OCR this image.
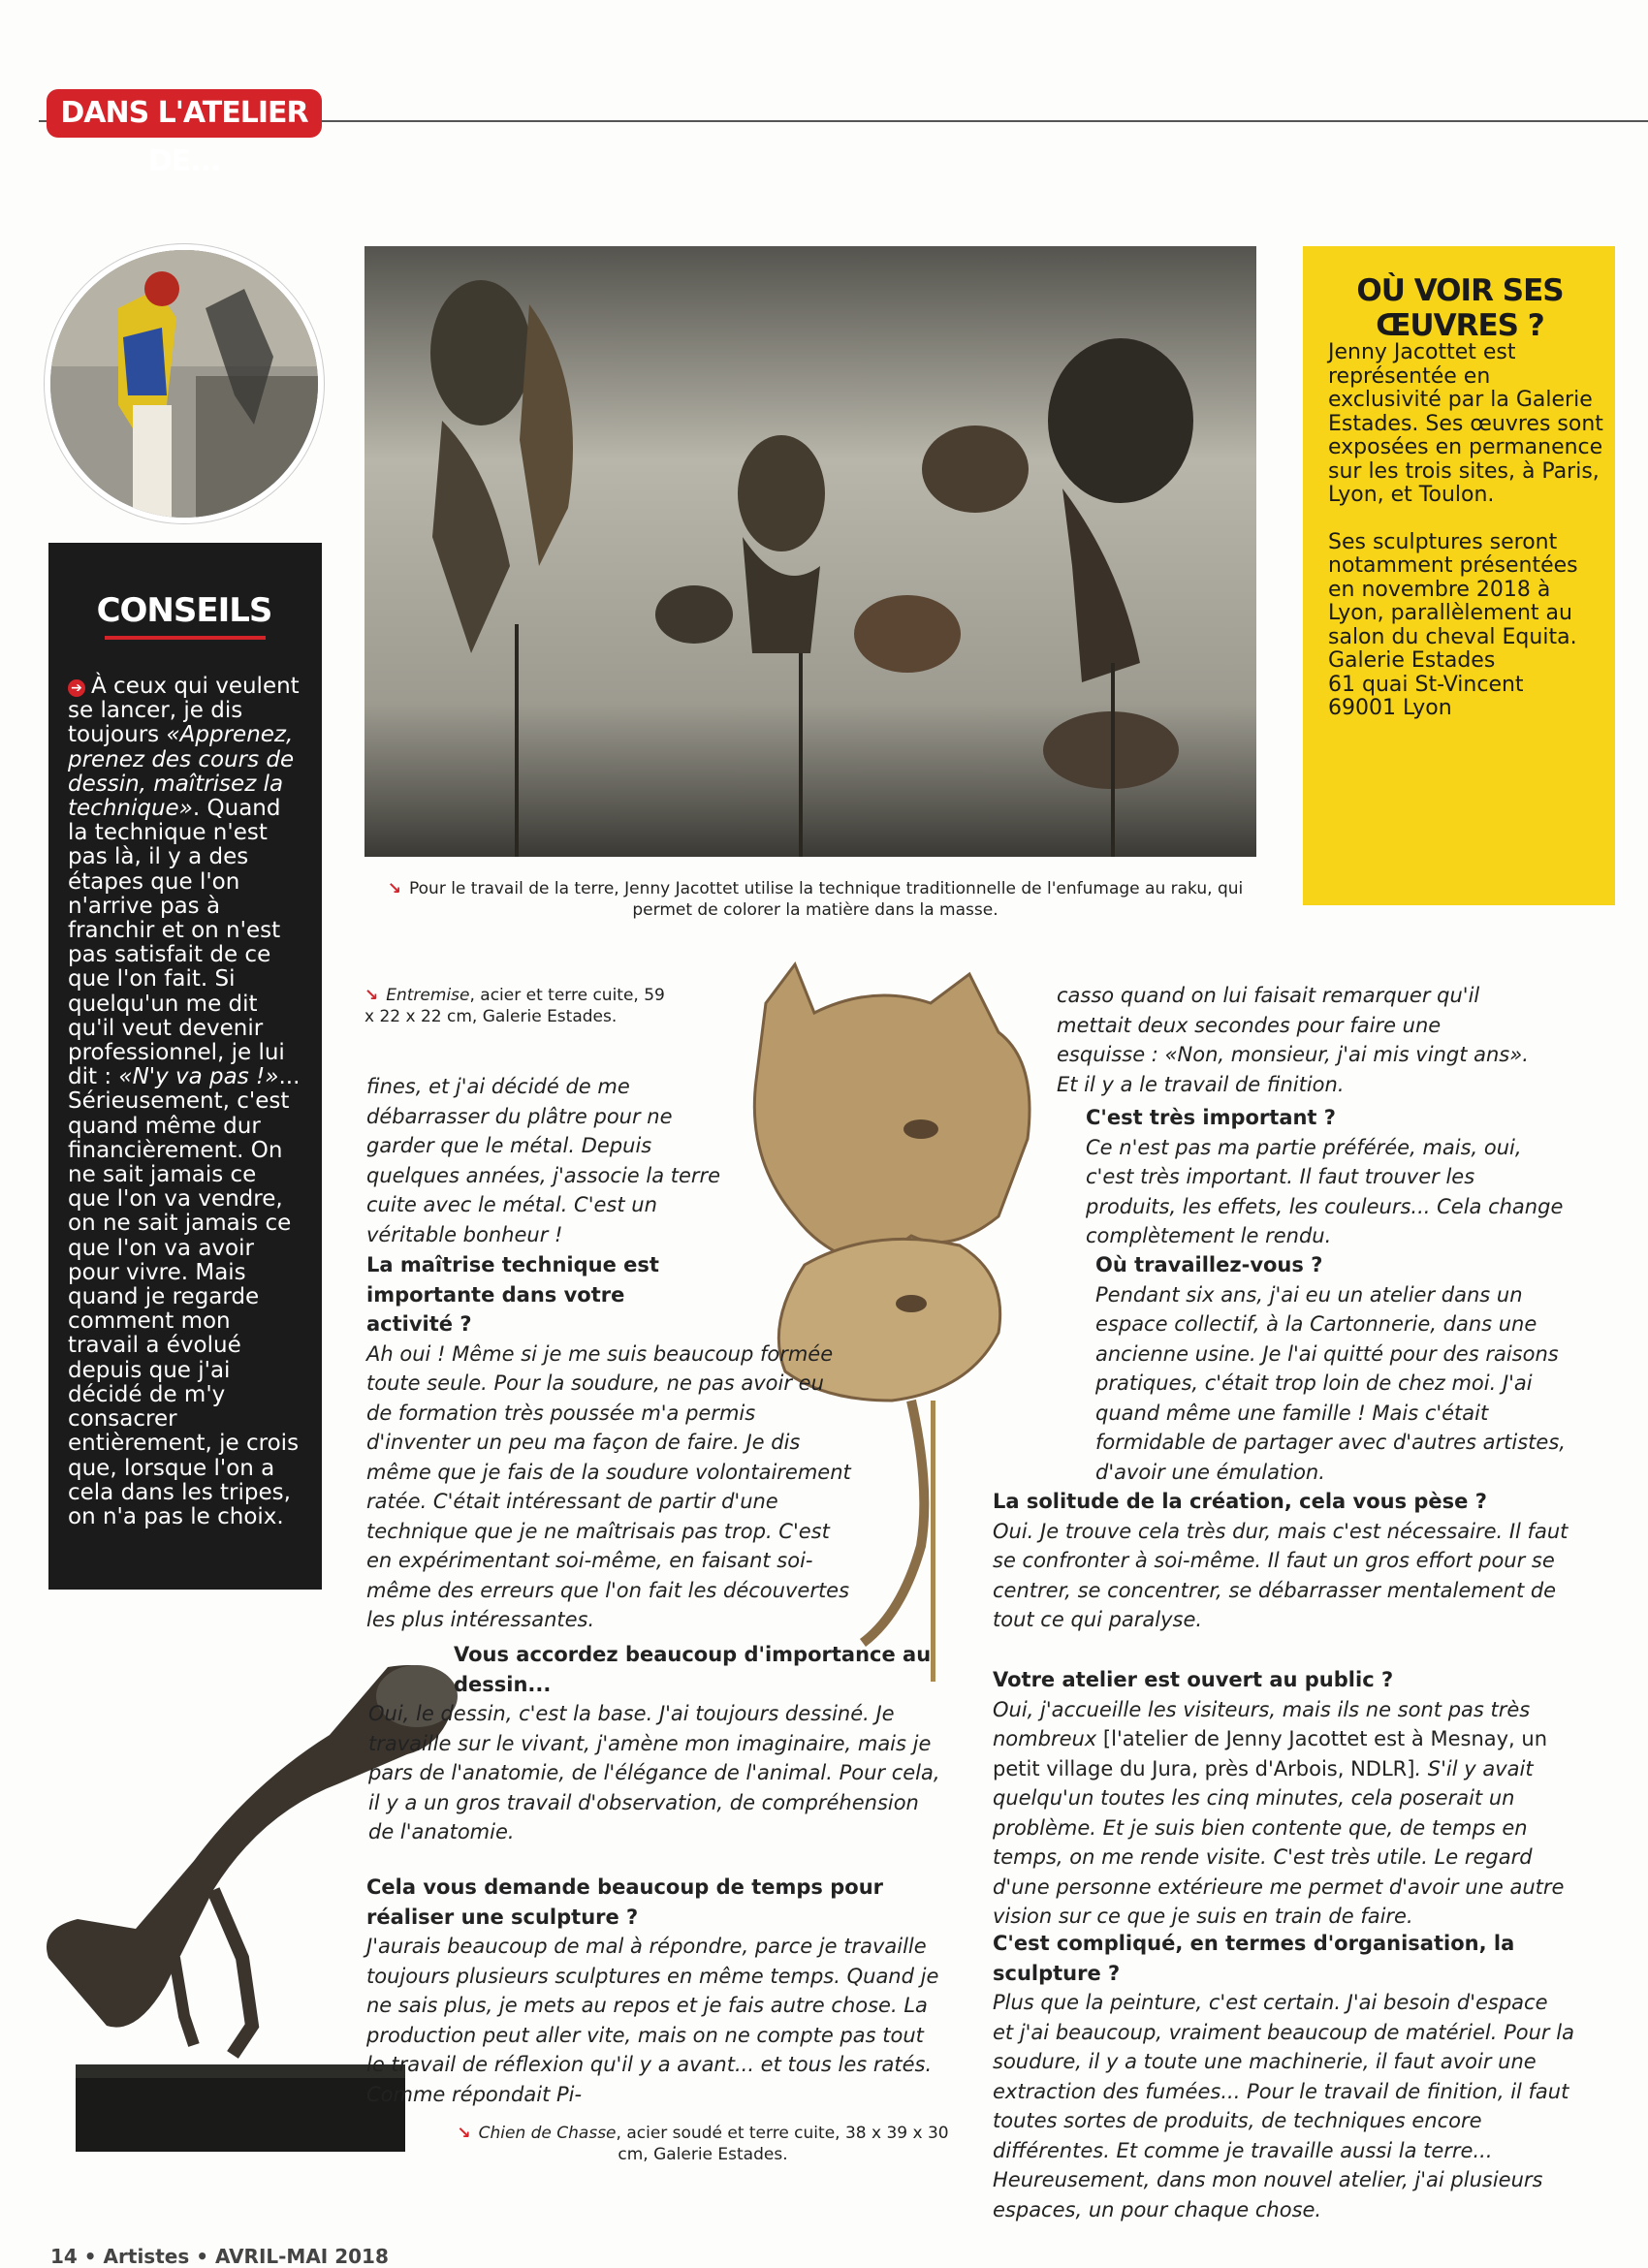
DANS L'ATELIER DE...
CONSEILS
➔ À ceux qui veulent se lancer, je dis toujours «Apprenez, prenez des cours de dessin, maîtrisez la technique». Quand la technique n'est pas là, il y a des étapes que l'on n'arrive pas à franchir et on n'est pas satisfait de ce que l'on fait. Si quelqu'un me dit qu'il veut devenir professionnel, je lui dit : «N'y va pas !»... Sérieusement, c'est quand même dur financièrement. On ne sait jamais ce que l'on va vendre, on ne sait jamais ce que l'on va avoir pour vivre. Mais quand je regarde comment mon travail a évolué depuis que j'ai décidé de m'y consacrer entièrement, je crois que, lorsque l'on a cela dans les tripes, on n'a pas le choix.
↘ Pour le travail de la terre, Jenny Jacottet utilise la technique traditionnelle de l'enfumage au raku, qui permet de colorer la matière dans la masse.
OÙ VOIR SES
ŒUVRES ?

Jenny Jacottet est représentée en exclusivité par la Galerie Estades. Ses œuvres sont exposées en permanence sur les trois sites, à Paris, Lyon, et Toulon.

Ses sculptures seront notamment présentées en novembre 2018 à Lyon, parallèlement au salon du cheval Equita.
Galerie Estades
61 quai St-Vincent
69001 Lyon
↘ Entremise, acier et terre cuite, 59 x 22 x 22 cm, Galerie Estades.
↘ Chien de Chasse, acier soudé et terre cuite, 38 x 39 x 30 cm, Galerie Estades.
fines, et j'ai décidé de me débarrasser du plâtre pour ne garder que le métal. Depuis quelques années, j'associe la terre cuite avec le métal. C'est un véritable bonheur !
La maîtrise technique est importante dans votre activité ?
Ah oui ! Même si je me suis beaucoup formée toute seule. Pour la soudure, ne pas avoir eu de formation très poussée m'a permis d'inventer un peu ma façon de faire. Je dis même que je fais de la soudure volontairement ratée. C'était intéressant de partir d'une technique que je ne maîtrisais pas trop. C'est en expérimentant soi-même, en faisant soi-même des erreurs que l'on fait les découvertes les plus intéressantes.
Vous accordez beaucoup d'importance au dessin...
Oui, le dessin, c'est la base. J'ai toujours dessiné. Je travaille sur le vivant, j'amène mon imaginaire, mais je pars de l'anatomie, de l'élégance de l'animal. Pour cela, il y a un gros travail d'observation, de compréhension de l'anatomie.
Cela vous demande beaucoup de temps pour réaliser une sculpture ?
J'aurais beaucoup de mal à répondre, parce je travaille toujours plusieurs sculptures en même temps. Quand je ne sais plus, je mets au repos et je fais autre chose. La production peut aller vite, mais on ne compte pas tout le travail de réflexion qu'il y a avant... et tous les ratés. Comme répondait Pi-
casso quand on lui faisait remarquer qu'il mettait deux secondes pour faire une esquisse : «Non, monsieur, j'ai mis vingt ans». Et il y a le travail de finition.
C'est très important ?
Ce n'est pas ma partie préférée, mais, oui, c'est très important. Il faut trouver les produits, les effets, les couleurs... Cela change complètement le rendu.
Où travaillez-vous ?
Pendant six ans, j'ai eu un atelier dans un espace collectif, à la Cartonnerie, dans une ancienne usine. Je l'ai quitté pour des raisons pratiques, c'était trop loin de chez moi. J'ai quand même une famille ! Mais c'était formidable de partager avec d'autres artistes, d'avoir une émulation.
La solitude de la création, cela vous pèse ?
Oui. Je trouve cela très dur, mais c'est nécessaire. Il faut se confronter à soi-même. Il faut un gros effort pour se centrer, se concentrer, se débarrasser mentalement de tout ce qui paralyse.
Votre atelier est ouvert au public ?
Oui, j'accueille les visiteurs, mais ils ne sont pas très nombreux [l'atelier de Jenny Jacottet est à Mesnay, un petit village du Jura, près d'Arbois, NDLR]. S'il y avait quelqu'un toutes les cinq minutes, cela poserait un problème. Et je suis bien contente que, de temps en temps, on me rende visite. C'est très utile. Le regard d'une personne extérieure me permet d'avoir une autre vision sur ce que je suis en train de faire.
C'est compliqué, en termes d'organisation, la sculpture ?
Plus que la peinture, c'est certain. J'ai besoin d'espace et j'ai beaucoup, vraiment beaucoup de matériel. Pour la soudure, il y a toute une machinerie, il faut avoir une extraction des fumées... Pour le travail de finition, il faut toutes sortes de produits, de techniques encore différentes. Et comme je travaille aussi la terre... Heureusement, dans mon nouvel atelier, j'ai plusieurs espaces, un pour chaque chose.
14 • Artistes • AVRIL-MAI 2018
